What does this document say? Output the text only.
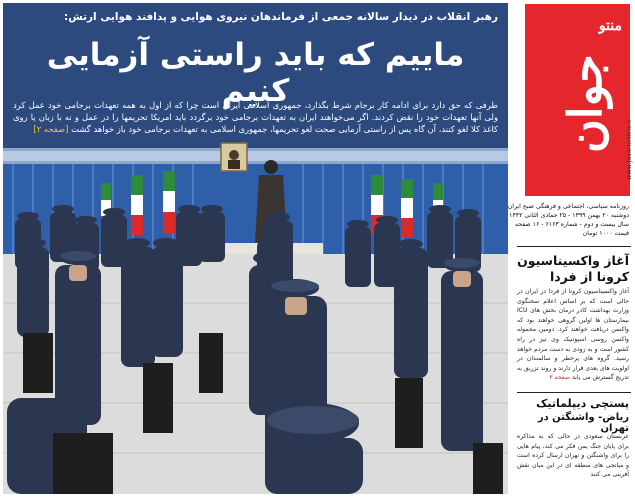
رهبر انقلاب در دیدار سالانه جمعی از فرماندهان نیروی هوایی و پدافند هوایی ارتش:
ماییم که باید راستی آزمایی کنیم
طرفی که حق دارد برای ادامه کار برجام شرط بگذارد، جمهوری اسلامی ایران است چرا که از اول به همه تعهدات برجامی خود عمل کرد ولی آنها تعهدات خود را نقض کردند. اگر می‌خواهند ایران به تعهدات برجامی خود برگردد باید امریکا تحریمها را در عمل و نه با زبان یا روی کاغذ کلا لغو کنند، آن گاه پس از راستی آزمایی صحت لغو تحریمها، جمهوری اسلامی به تعهدات برجامی خود باز خواهد گشت [صفحه ۲]
منتو
جوان	www.javanonline.ir
روزنامه سیاسی، اجتماعی و فرهنگی صبح ایران
دوشنبه ۲۰ بهمن ۱۳۹۹ - ۲۵ جمادی الثانی ۱۴۴۲
سال بیست و دوم - شماره ۶۱۶۳ - ۱۶ صفحه
قیمت ۱۰۰۰ تومان
آغاز واکسیناسیون کرونا از فردا
آغاز واکسیناسیون کرونا از فردا در ایران در حالی است که بر اساس اعلام سخنگوی وزارت بهداشت کادر درمان بخش های ICU بیمارستان ها اولین گروهی خواهند بود که واکسن دریافت خواهند کرد. دومین محموله واکسن روسی اسپوتنیک وی نیز در راه کشور است و به زودی به دست مردم خواهد رسید. گروه های پرخطر و سالمندان در اولویت های بعدی قرار دارند و روند تزریق به تدریج گسترش می یابد صفحه ۳
پستچی دیپلماتیک
ریاض- واشنگتن در تهران
عربستان سعودی در حالی که به مذاکره برای پایان جنگ یمن فکر می کند، پیام هایی را برای واشنگتن و تهران ارسال کرده است و میانجی های منطقه ای در این میان نقش آفرینی می کنند
